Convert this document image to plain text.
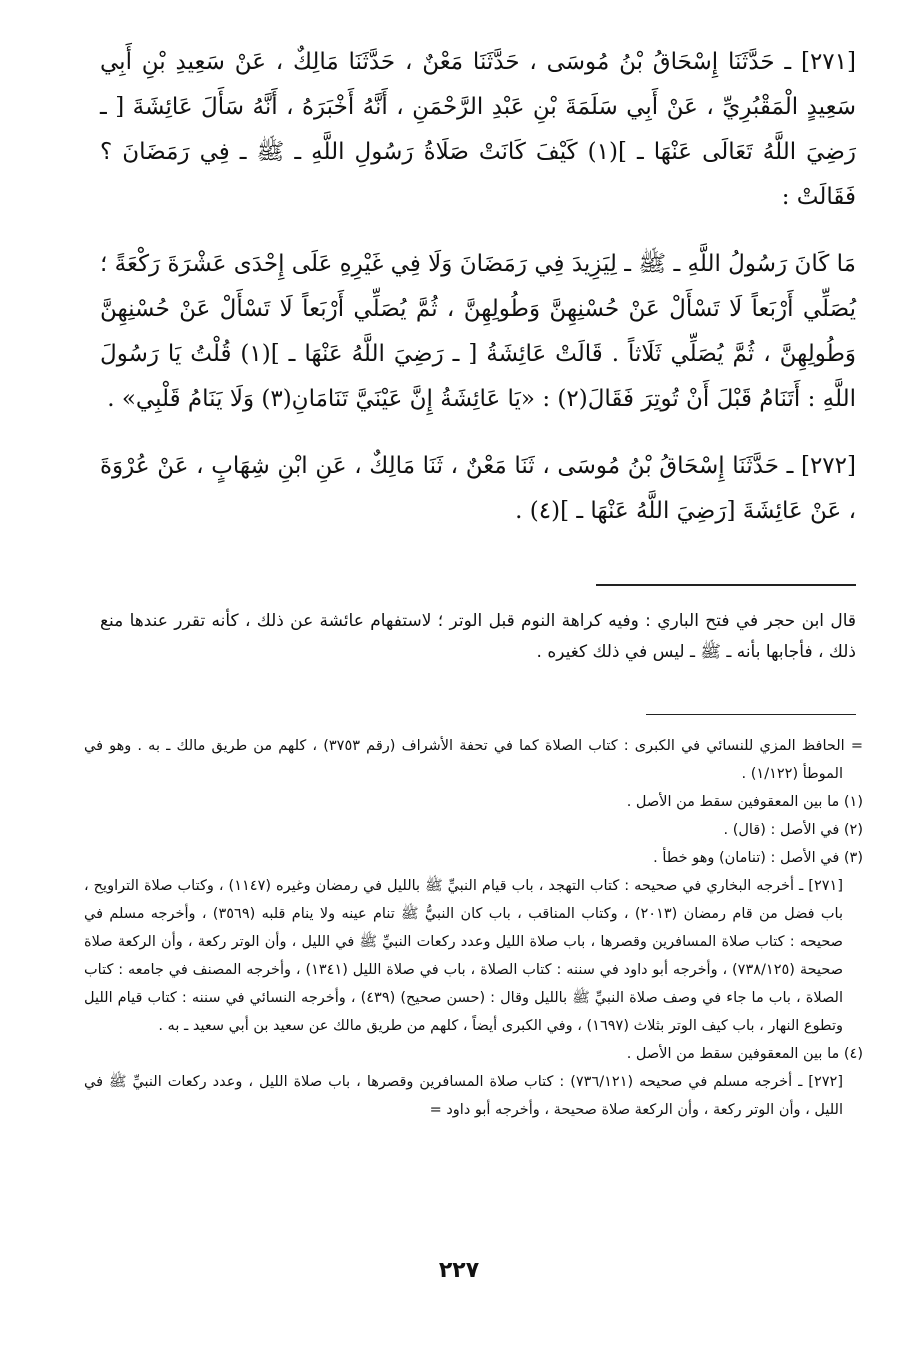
[٢٧١] ـ حَدَّثَنَا إِسْحَاقُ بْنُ مُوسَى ، حَدَّثَنَا مَعْنٌ ، حَدَّثَنَا مَالِكٌ ، عَنْ سَعِيدِ بْنِ أَبِي سَعِيدٍ الْمَقْبُرِيِّ ، عَنْ أَبِي سَلَمَةَ بْنِ عَبْدِ الرَّحْمَنِ ، أَنَّهُ أَخْبَرَهُ ، أَنَّهُ سَأَلَ عَائِشَةَ [ ـ رَضِيَ اللَّهُ تَعَالَى عَنْهَا ـ ](١) كَيْفَ كَانَتْ صَلَاةُ رَسُولِ اللَّهِ ـ ﷺ ـ فِي رَمَضَانَ ؟ فَقَالَتْ :

مَا كَانَ رَسُولُ اللَّهِ ـ ﷺ ـ لِيَزِيدَ فِي رَمَضَانَ وَلَا فِي غَيْرِهِ عَلَى إِحْدَى عَشْرَةَ رَكْعَةً ؛ يُصَلِّي أَرْبَعاً لَا تَسْأَلْ عَنْ حُسْنِهِنَّ وَطُولِهِنَّ ، ثُمَّ يُصَلِّي أَرْبَعاً لَا تَسْأَلْ عَنْ حُسْنِهِنَّ وَطُولِهِنَّ ، ثُمَّ يُصَلِّي ثَلَاثاً . قَالَتْ عَائِشَةُ [ ـ رَضِيَ اللَّهُ عَنْهَا ـ ](١) قُلْتُ يَا رَسُولَ اللَّهِ : أَتَنَامُ قَبْلَ أَنْ تُوتِرَ فَقَالَ(٢) : «يَا عَائِشَةُ إِنَّ عَيْنَيَّ تَنَامَانِ(٣) وَلَا يَنَامُ قَلْبِي» .

[٢٧٢] ـ حَدَّثَنَا إِسْحَاقُ بْنُ مُوسَى ، ثَنَا مَعْنٌ ، ثَنَا مَالِكٌ ، عَنِ ابْنِ شِهَابٍ ، عَنْ عُرْوَةَ ، عَنْ عَائِشَةَ [رَضِيَ اللَّهُ عَنْهَا ـ ](٤) .

قال ابن حجر في فتح الباري : وفيه كراهة النوم قبل الوتر ؛ لاستفهام عائشة عن ذلك ، كأنه تقرر عندها منع ذلك ، فأجابها بأنه ـ ﷺ ـ ليس في ذلك كغيره .

= الحافظ المزي للنسائي في الكبرى : كتاب الصلاة كما في تحفة الأشراف (رقم ٣٧٥٣) ، كلهم من طريق مالك ـ به . وهو في الموطأ (١/١٢٢) .

(١) ما بين المعقوفين سقط من الأصل .

(٢) في الأصل : (قال) .

(٣) في الأصل : (تنامان) وهو خطأ .

[٢٧١] ـ أخرجه البخاري في صحيحه : كتاب التهجد ، باب قيام النبيِّ ﷺ بالليل في رمضان وغيره (١١٤٧) ، وكتاب صلاة التراويح ، باب فضل من قام رمضان (٢٠١٣) ، وكتاب المناقب ، باب كان النبيُّ ﷺ تنام عينه ولا ينام قلبه (٣٥٦٩) ، وأخرجه مسلم في صحيحه : كتاب صلاة المسافرين وقصرها ، باب صلاة الليل وعدد ركعات النبيِّ ﷺ في الليل ، وأن الوتر ركعة ، وأن الركعة صلاة صحيحة (٧٣٨/١٢٥) ، وأخرجه أبو داود في سننه : كتاب الصلاة ، باب في صلاة الليل (١٣٤١) ، وأخرجه المصنف في جامعه : كتاب الصلاة ، باب ما جاء في وصف صلاة النبيِّ ﷺ بالليل وقال : (حسن صحيح) (٤٣٩) ، وأخرجه النسائي في سننه : كتاب قيام الليل وتطوع النهار ، باب كيف الوتر بثلاث (١٦٩٧) ، وفي الكبرى أيضاً ، كلهم من طريق مالك عن سعيد بن أبي سعيد ـ به .

(٤) ما بين المعقوفين سقط من الأصل .

[٢٧٢] ـ أخرجه مسلم في صحيحه (٧٣٦/١٢١) : كتاب صلاة المسافرين وقصرها ، باب صلاة الليل ، وعدد ركعات النبيِّ ﷺ في الليل ، وأن الوتر ركعة ، وأن الركعة صلاة صحيحة ، وأخرجه أبو داود =

٢٢٧
